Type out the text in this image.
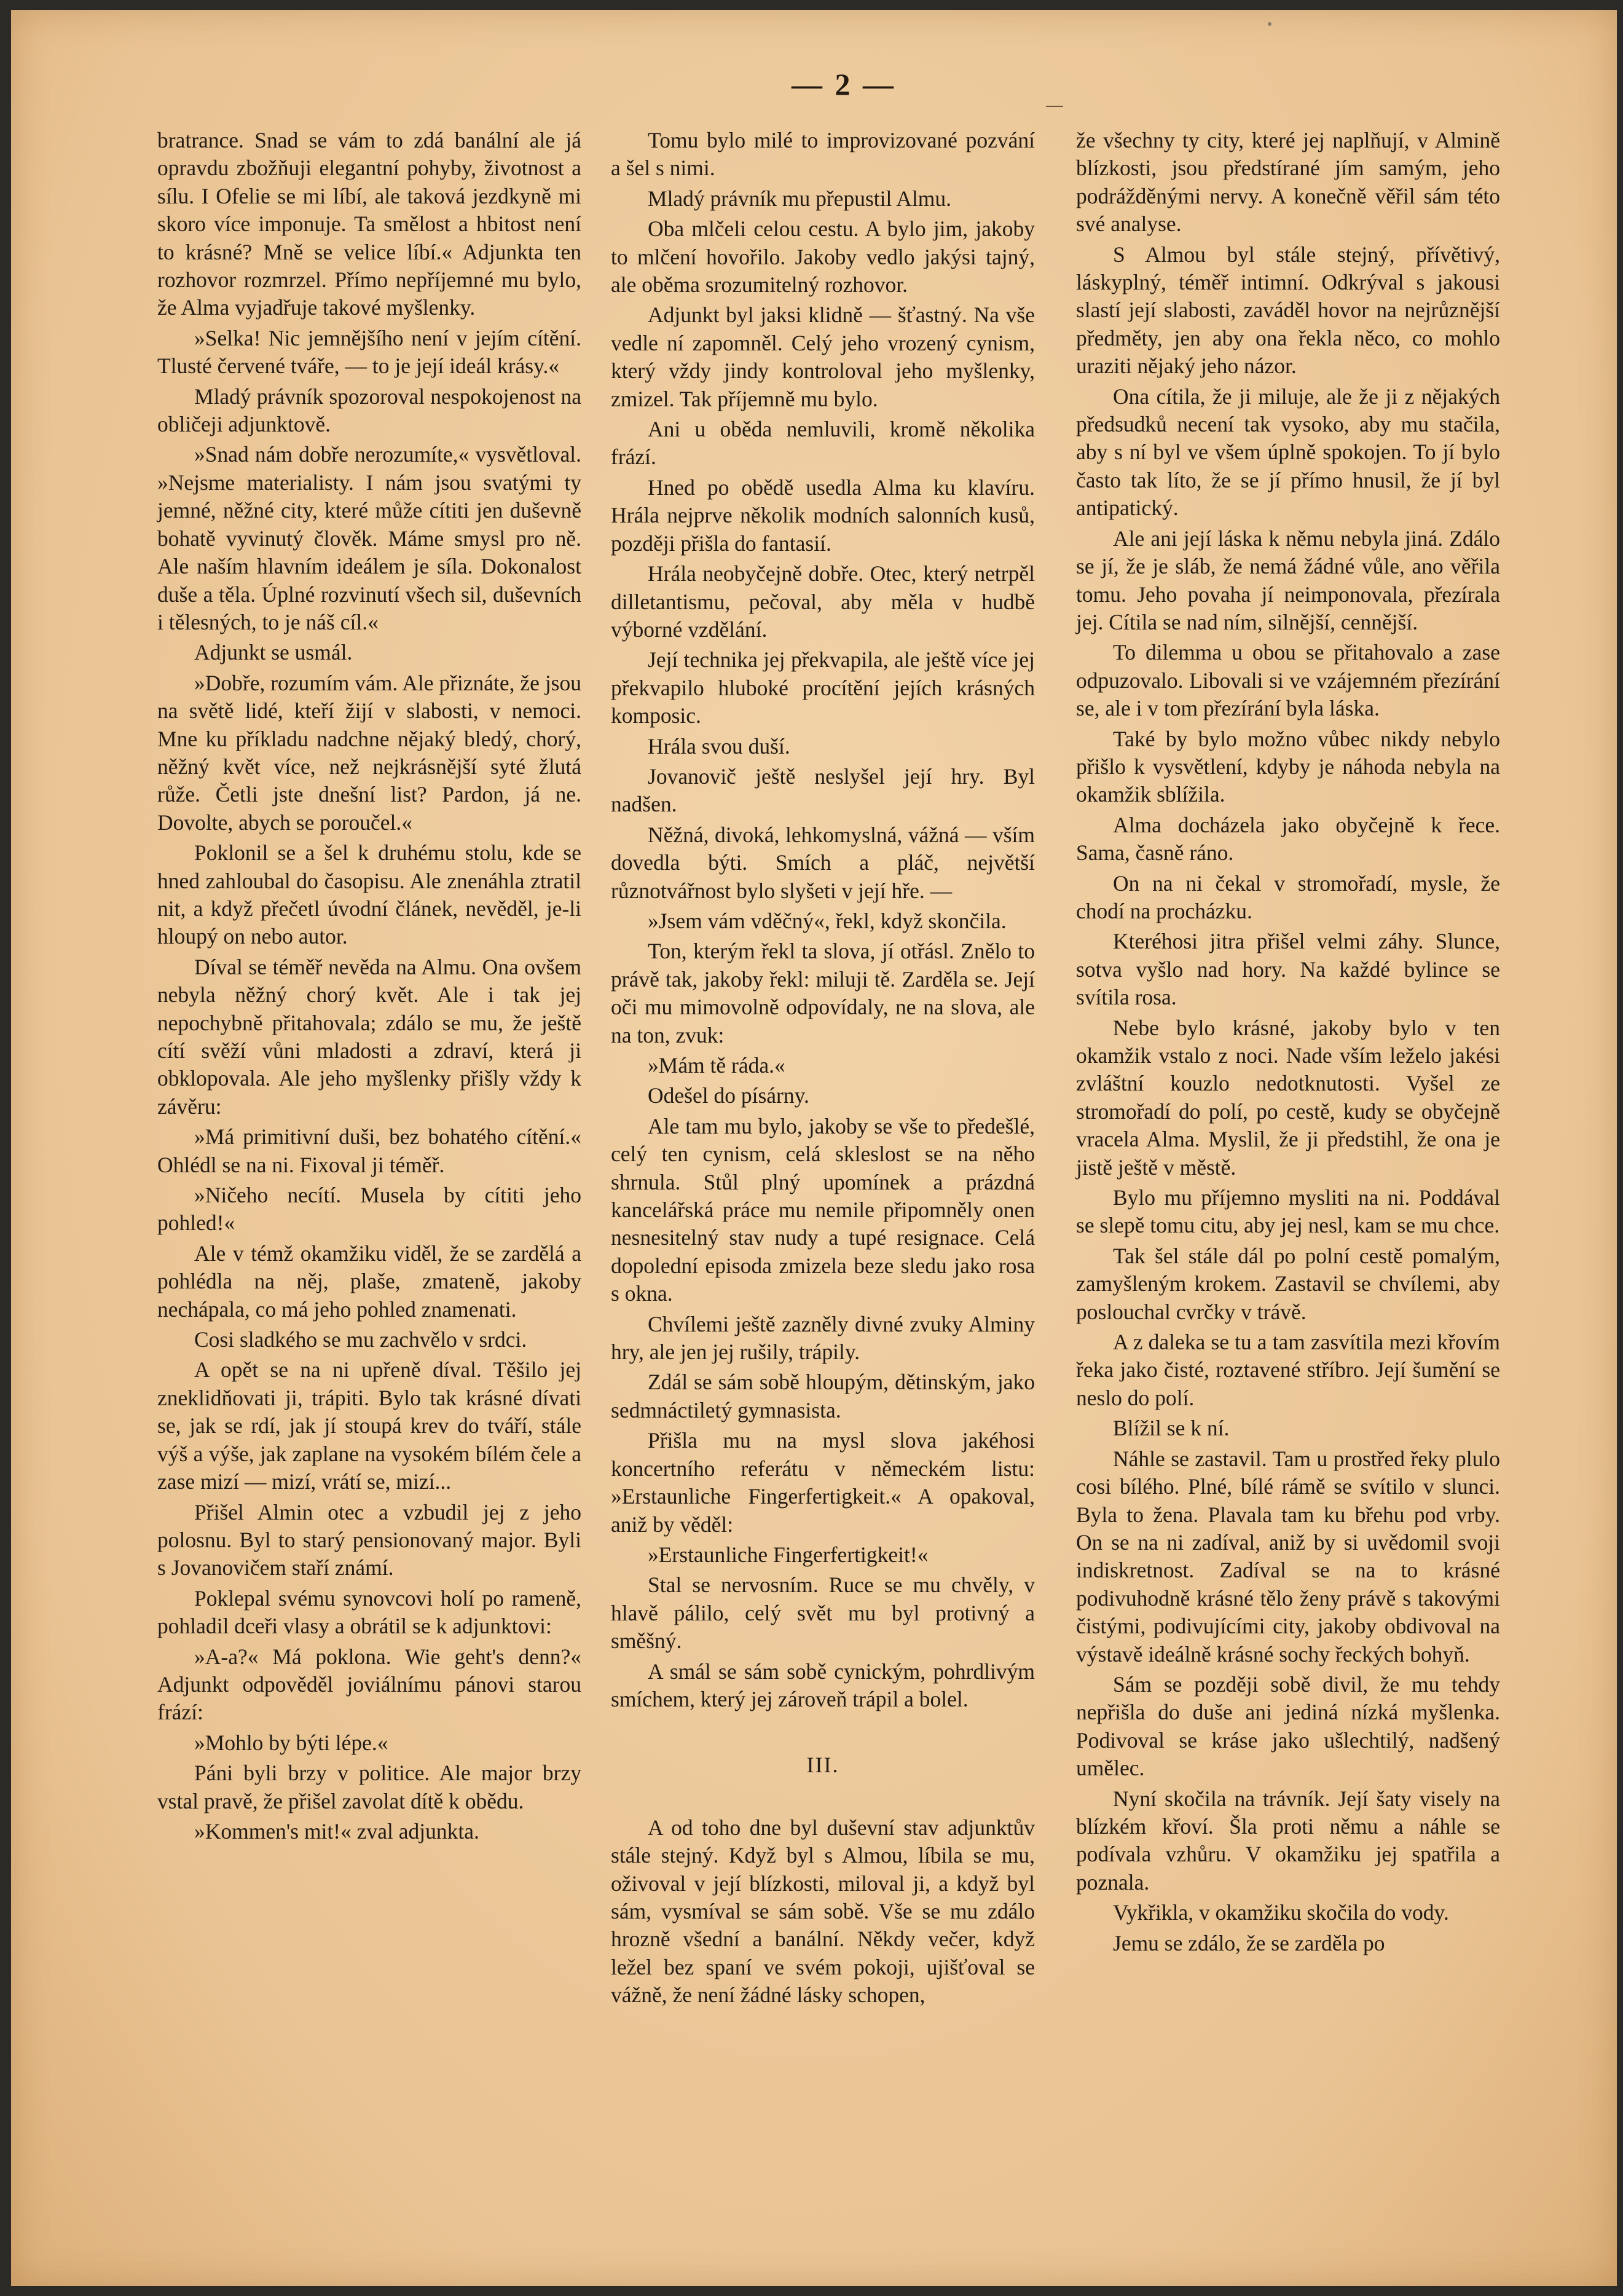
— 2 —

bratrance. Snad se vám to zdá banální ale já opravdu zbožňuji elegantní pohyby, životnost a sílu. I Ofelie se mi líbí, ale taková jezdkyně mi skoro více imponuje. Ta smělost a hbitost není to krásné? Mně se velice líbí.« Adjunkta ten rozhovor rozmrzel. Přímo nepříjemné mu bylo, že Alma vyjadřuje takové myšlenky.

»Selka! Nic jemnějšího není v jejím cítění. Tlusté červené tváře, — to je její ideál krásy.«

Mladý právník spozoroval nespokojenost na obličeji adjunktově.

»Snad nám dobře nerozumíte,« vysvětloval. »Nejsme materialisty. I nám jsou svatými ty jemné, něžné city, které může cítiti jen duševně bohatě vyvinutý člověk. Máme smysl pro ně. Ale naším hlavním ideálem je síla. Dokonalost duše a těla. Úplné rozvinutí všech sil, duševních i tělesných, to je náš cíl.«

Adjunkt se usmál.

»Dobře, rozumím vám. Ale přiznáte, že jsou na světě lidé, kteří žijí v slabosti, v nemoci. Mne ku příkladu nadchne nějaký bledý, chorý, něžný květ více, než nejkrásnější syté žlutá růže. Četli jste dnešní list? Pardon, já ne. Dovolte, abych se poroučel.«

Poklonil se a šel k druhému stolu, kde se hned zahloubal do časopisu. Ale znenáhla ztratil nit, a když přečetl úvodní článek, nevěděl, je-li hloupý on nebo autor.

Díval se téměř nevěda na Almu. Ona ovšem nebyla něžný chorý květ. Ale i tak jej nepochybně přitahovala; zdálo se mu, že ještě cítí svěží vůni mladosti a zdraví, která ji obklopovala. Ale jeho myšlenky přišly vždy k závěru:

»Má primitivní duši, bez bohatého cítění.« Ohlédl se na ni. Fixoval ji téměř.

»Ničeho necítí. Musela by cítiti jeho pohled!«

Ale v témž okamžiku viděl, že se zardělá a pohlédla na něj, plaše, zmateně, jakoby nechápala, co má jeho pohled znamenati.

Cosi sladkého se mu zachvělo v srdci.

A opět se na ni upřeně díval. Těšilo jej zneklidňovati ji, trápiti. Bylo tak krásné dívati se, jak se rdí, jak jí stoupá krev do tváří, stále výš a výše, jak zaplane na vysokém bílém čele a zase mizí — mizí, vrátí se, mizí...

Přišel Almin otec a vzbudil jej z jeho polosnu. Byl to starý pensionovaný major. Byli s Jovanovičem staří známí.

Poklepal svému synovcovi holí po rameně, pohladil dceři vlasy a obrátil se k adjunktovi:

»A-a?« Má poklona. Wie geht's denn?« Adjunkt odpověděl joviálnímu pánovi starou frází:

»Mohlo by býti lépe.«

Páni byli brzy v politice. Ale major brzy vstal pravě, že přišel zavolat dítě k obědu.

»Kommen's mit!« zval adjunkta.

Tomu bylo milé to improvizované pozvání a šel s nimi.

Mladý právník mu přepustil Almu.

Oba mlčeli celou cestu. A bylo jim, jakoby to mlčení hovořilo. Jakoby vedlo jakýsi tajný, ale oběma srozumitelný rozhovor.

Adjunkt byl jaksi klidně — šťastný. Na vše vedle ní zapomněl. Celý jeho vrozený cynism, který vždy jindy kontroloval jeho myšlenky, zmizel. Tak příjemně mu bylo.

Ani u oběda nemluvili, kromě několika frází.

Hned po obědě usedla Alma ku klavíru. Hrála nejprve několik modních salonních kusů, později přišla do fantasií.

Hrála neobyčejně dobře. Otec, který netrpěl dilletantismu, pečoval, aby měla v hudbě výborné vzdělání.

Její technika jej překvapila, ale ještě více jej překvapilo hluboké procítění jejích krásných komposic.

Hrála svou duší.

Jovanovič ještě neslyšel její hry. Byl nadšen.

Něžná, divoká, lehkomyslná, vážná — vším dovedla býti. Smích a pláč, největší různotvářnost bylo slyšeti v její hře. —

»Jsem vám vděčný«, řekl, když skončila.

Ton, kterým řekl ta slova, jí otřásl. Znělo to právě tak, jakoby řekl: miluji tě. Zarděla se. Její oči mu mimovolně odpovídaly, ne na slova, ale na ton, zvuk:

»Mám tě ráda.«

Odešel do písárny.

Ale tam mu bylo, jakoby se vše to předešlé, celý ten cynism, celá skleslost se na něho shrnula. Stůl plný upomínek a prázdná kancelářská práce mu nemile připomněly onen nesnesitelný stav nudy a tupé resignace. Celá dopolední episoda zmizela beze sledu jako rosa s okna.

Chvílemi ještě zazněly divné zvuky Alminy hry, ale jen jej rušily, trápily.

Zdál se sám sobě hloupým, dětinským, jako sedmnáctiletý gymnasista.

Přišla mu na mysl slova jakéhosi koncertního referátu v německém listu: »Erstaunliche Fingerfertigkeit.« A opakoval, aniž by věděl:

»Erstaunliche Fingerfertigkeit!«

Stal se nervosním. Ruce se mu chvěly, v hlavě pálilo, celý svět mu byl protivný a směšný.

A smál se sám sobě cynickým, pohrdlivým smíchem, který jej zároveň trápil a bolel.

III.

A od toho dne byl duševní stav adjunktův stále stejný. Když byl s Almou, líbila se mu, oživoval v její blízkosti, miloval ji, a když byl sám, vysmíval se sám sobě. Vše se mu zdálo hrozně všední a banální. Někdy večer, když ležel bez spaní ve svém pokoji, ujišťoval se vážně, že není žádné lásky schopen,

že všechny ty city, které jej naplňují, v Almině blízkosti, jsou předstírané jím samým, jeho podrážděnými nervy. A konečně věřil sám této své analyse.

S Almou byl stále stejný, přívětivý, láskyplný, téměř intimní. Odkrýval s jakousi slastí její slabosti, zaváděl hovor na nejrůznější předměty, jen aby ona řekla něco, co mohlo uraziti nějaký jeho názor.

Ona cítila, že ji miluje, ale že ji z nějakých předsudků necení tak vysoko, aby mu stačila, aby s ní byl ve všem úplně spokojen. To jí bylo často tak líto, že se jí přímo hnusil, že jí byl antipatický.

Ale ani její láska k němu nebyla jiná. Zdálo se jí, že je sláb, že nemá žádné vůle, ano věřila tomu. Jeho povaha jí neimponovala, přezírala jej. Cítila se nad ním, silnější, cennější.

To dilemma u obou se přitahovalo a zase odpuzovalo. Libovali si ve vzájemném přezírání se, ale i v tom přezírání byla láska.

Také by bylo možno vůbec nikdy nebylo přišlo k vysvětlení, kdyby je náhoda nebyla na okamžik sblížila.

Alma docházela jako obyčejně k řece. Sama, časně ráno.

On na ni čekal v stromořadí, mysle, že chodí na procházku.

Kteréhosi jitra přišel velmi záhy. Slunce, sotva vyšlo nad hory. Na každé bylince se svítila rosa.

Nebe bylo krásné, jakoby bylo v ten okamžik vstalo z noci. Nade vším leželo jakési zvláštní kouzlo nedotknutosti. Vyšel ze stromořadí do polí, po cestě, kudy se obyčejně vracela Alma. Myslil, že ji předstihl, že ona je jistě ještě v městě.

Bylo mu příjemno mysliti na ni. Poddával se slepě tomu citu, aby jej nesl, kam se mu chce.

Tak šel stále dál po polní cestě pomalým, zamyšleným krokem. Zastavil se chvílemi, aby poslouchal cvrčky v trávě.

A z daleka se tu a tam zasvítila mezi křovím řeka jako čisté, roztavené stříbro. Její šumění se neslo do polí.

Blížil se k ní.

Náhle se zastavil. Tam u prostřed řeky plulo cosi bílého. Plné, bílé rámě se svítilo v slunci. Byla to žena. Plavala tam ku břehu pod vrby. On se na ni zadíval, aniž by si uvědomil svoji indiskretnost. Zadíval se na to krásné podivuhodně krásné tělo ženy právě s takovými čistými, podivujícími city, jakoby obdivoval na výstavě ideálně krásné sochy řeckých bohyň.

Sám se později sobě divil, že mu tehdy nepřišla do duše ani jediná nízká myšlenka. Podivoval se kráse jako ušlechtilý, nadšený umělec.

Nyní skočila na trávník. Její šaty visely na blízkém křoví. Šla proti němu a náhle se podívala vzhůru. V okamžiku jej spatřila a poznala.

Vykřikla, v okamžiku skočila do vody.

Jemu se zdálo, že se zarděla po
